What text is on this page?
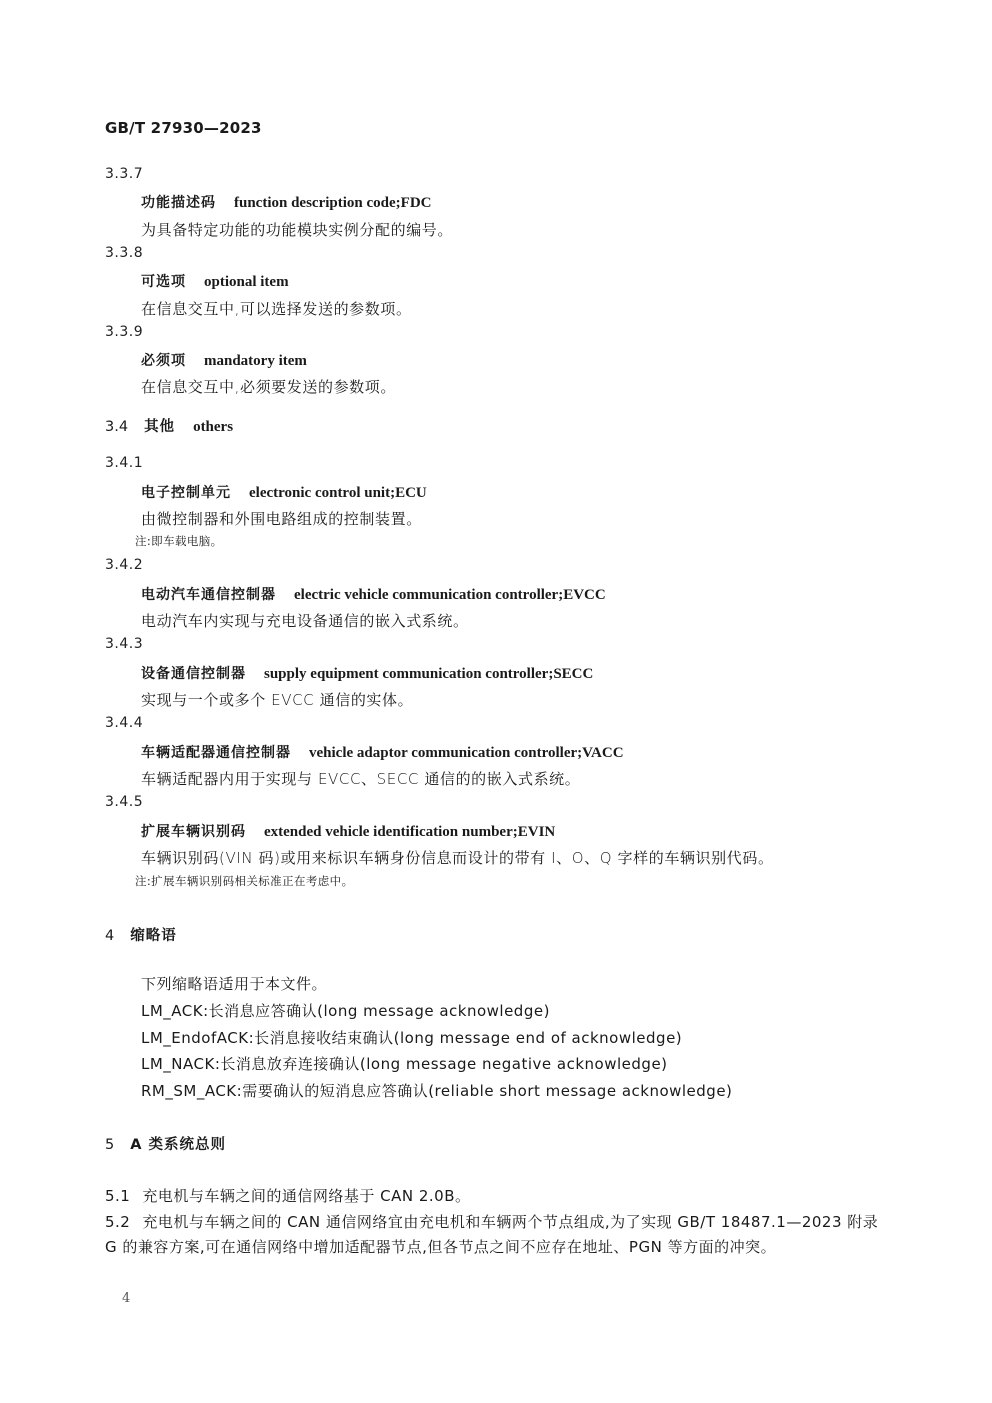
GB/T 27930—2023
3.3.7
功能描述码 function description code;FDC
为具备特定功能的功能模块实例分配的编号。
3.3.8
可选项 optional item
在信息交互中,可以选择发送的参数项。
3.3.9
必须项 mandatory item
在信息交互中,必须要发送的参数项。
3.4 其他 others
3.4.1
电子控制单元 electronic control unit;ECU
由微控制器和外围电路组成的控制装置。
注:即车载电脑。
3.4.2
电动汽车通信控制器 electric vehicle communication controller;EVCC
电动汽车内实现与充电设备通信的嵌入式系统。
3.4.3
设备通信控制器 supply equipment communication controller;SECC
实现与一个或多个 EVCC 通信的实体。
3.4.4
车辆适配器通信控制器 vehicle adaptor communication controller;VACC
车辆适配器内用于实现与 EVCC、SECC 通信的的嵌入式系统。
3.4.5
扩展车辆识别码 extended vehicle identification number;EVIN
车辆识别码(VIN 码)或用来标识车辆身份信息而设计的带有 I、O、Q 字样的车辆识别代码。
注:扩展车辆识别码相关标准正在考虑中。
4 缩略语
下列缩略语适用于本文件。
LM_ACK:长消息应答确认(long message acknowledge)
LM_EndofACK:长消息接收结束确认(long message end of acknowledge)
LM_NACK:长消息放弃连接确认(long message negative acknowledge)
RM_SM_ACK:需要确认的短消息应答确认(reliable short message acknowledge)
5 A 类系统总则
5.1 充电机与车辆之间的通信网络基于 CAN 2.0B。
5.2 充电机与车辆之间的 CAN 通信网络宜由充电机和车辆两个节点组成,为了实现 GB/T 18487.1—2023 附录 G 的兼容方案,可在通信网络中增加适配器节点,但各节点之间不应存在地址、PGN 等方面的冲突。
4
